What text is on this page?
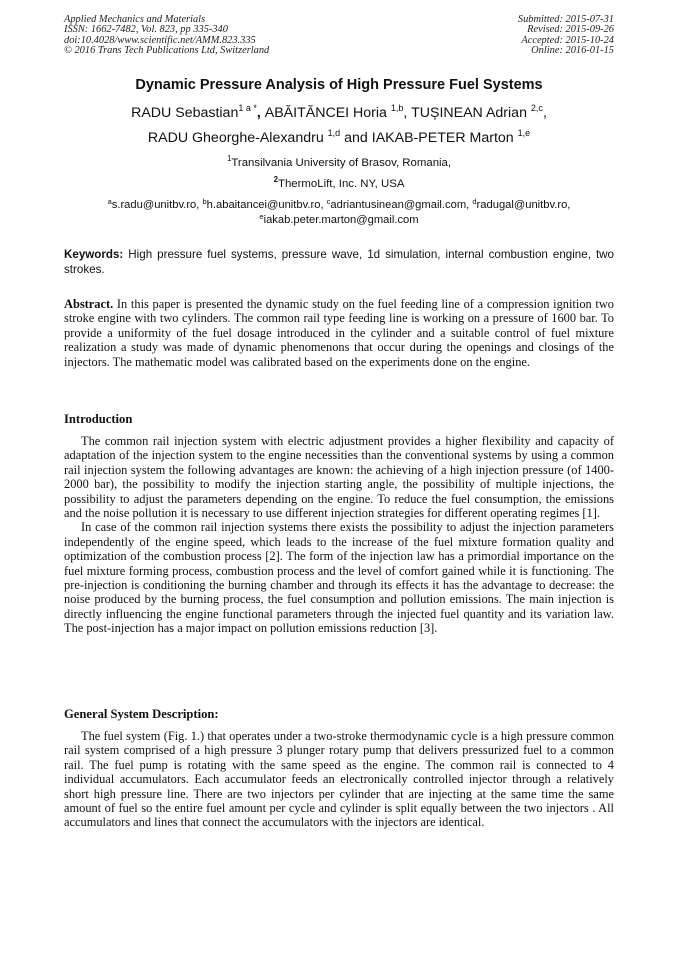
Applied Mechanics and Materials
ISSN: 1662-7482, Vol. 823, pp 335-340
doi:10.4028/www.scientific.net/AMM.823.335
© 2016 Trans Tech Publications Ltd, Switzerland
Submitted: 2015-07-31
Revised: 2015-09-26
Accepted: 2015-10-24
Online: 2016-01-15
Dynamic Pressure Analysis of High Pressure Fuel Systems
RADU Sebastian$^{1 a *}$, ABĂITĂNCEI Horia $^{1,b}$, TUȘINEAN Adrian $^{2,c}$,
RADU Gheorghe-Alexandru $^{1,d}$ and IAKAB-PETER Marton $^{1,e}$
$^1$Transilvania University of Brasov, Romania,
$^2$ThermoLift, Inc. NY, USA
$^a$s.radu@unitbv.ro, $^b$h.abaitancei@unitbv.ro, $^c$adriantusinean@gmail.com, $^d$radugal@unitbv.ro,
$^e$iakab.peter.marton@gmail.com
Keywords: High pressure fuel systems, pressure wave, 1d simulation, internal combustion engine, two strokes.

Abstract. In this paper is presented the dynamic study on the fuel feeding line of a compression ignition two stroke engine with two cylinders. The common rail type feeding line is working on a pressure of 1600 bar. To provide a uniformity of the fuel dosage introduced in the cylinder and a suitable control of fuel mixture realization a study was made of dynamic phenomenons that occur during the openings and closings of the injectors. The mathematic model was calibrated based on the experiments done on the engine.

Introduction

The common rail injection system with electric adjustment provides a higher flexibility and capacity of adaptation of the injection system to the engine necessities than the conventional systems by using a common rail injection system the following advantages are known: the achieving of a high injection pressure (of 1400-2000 bar), the possibility to modify the injection starting angle, the possibility of multiple injections, the possibility to adjust the parameters depending on the engine. To reduce the fuel consumption, the emissions and the noise pollution it is necessary to use different injection strategies for different operating regimes [1].

In case of the common rail injection systems there exists the possibility to adjust the injection parameters independently of the engine speed, which leads to the increase of the fuel mixture formation quality and optimization of the combustion process [2]. The form of the injection law has a primordial importance on the fuel mixture forming process, combustion process and the level of comfort gained while it is functioning. The pre-injection is conditioning the burning chamber and through its effects it has the advantage to decrease: the noise produced by the burning process, the fuel consumption and pollution emissions. The main injection is directly influencing the engine functional parameters through the injected fuel quantity and its variation law. The post-injection has a major impact on pollution emissions reduction [3].

General System Description:

The fuel system (Fig. 1.) that operates under a two-stroke thermodynamic cycle is a high pressure common rail system comprised of a high pressure 3 plunger rotary pump that delivers pressurized fuel to a common rail. The fuel pump is rotating with the same speed as the engine. The common rail is connected to 4 individual accumulators. Each accumulator feeds an electronically controlled injector through a relatively short high pressure line. There are two injectors per cylinder that are injecting at the same time the same amount of fuel so the entire fuel amount per cycle and cylinder is split equally between the two injectors . All accumulators and lines that connect the accumulators with the injectors are identical.
